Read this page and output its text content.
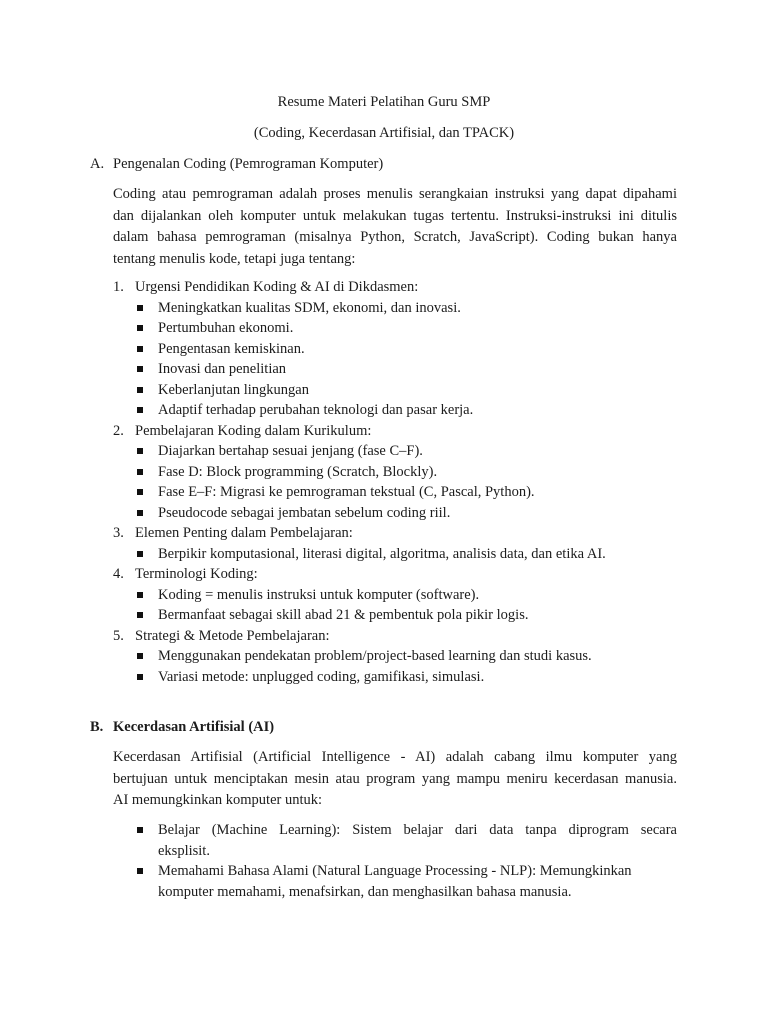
Resume Materi Pelatihan Guru SMP
(Coding, Kecerdasan Artifisial, dan TPACK)
A. Pengenalan Coding (Pemrograman Komputer)
Coding atau pemrograman adalah proses menulis serangkaian instruksi yang dapat dipahami
dan dijalankan oleh komputer untuk melakukan tugas tertentu. Instruksi-instruksi ini ditulis
dalam bahasa pemrograman (misalnya Python, Scratch, JavaScript). Coding bukan hanya
tentang menulis kode, tetapi juga tentang:
1. Urgensi Pendidikan Koding & AI di Dikdasmen:
Meningkatkan kualitas SDM, ekonomi, dan inovasi.
Pertumbuhan ekonomi.
Pengentasan kemiskinan.
Inovasi dan penelitian
Keberlanjutan lingkungan
Adaptif terhadap perubahan teknologi dan pasar kerja.
2. Pembelajaran Koding dalam Kurikulum:
Diajarkan bertahap sesuai jenjang (fase C–F).
Fase D: Block programming (Scratch, Blockly).
Fase E–F: Migrasi ke pemrograman tekstual (C, Pascal, Python).
Pseudocode sebagai jembatan sebelum coding riil.
3. Elemen Penting dalam Pembelajaran:
Berpikir komputasional, literasi digital, algoritma, analisis data, dan etika AI.
4. Terminologi Koding:
Koding = menulis instruksi untuk komputer (software).
Bermanfaat sebagai skill abad 21 & pembentuk pola pikir logis.
5. Strategi & Metode Pembelajaran:
Menggunakan pendekatan problem/project-based learning dan studi kasus.
Variasi metode: unplugged coding, gamifikasi, simulasi.
B. Kecerdasan Artifisial (AI)
Kecerdasan Artifisial (Artificial Intelligence - AI) adalah cabang ilmu komputer yang
bertujuan untuk menciptakan mesin atau program yang mampu meniru kecerdasan manusia.
AI memungkinkan komputer untuk:
Belajar (Machine Learning): Sistem belajar dari data tanpa diprogram secara
eksplisit.
Memahami Bahasa Alami (Natural Language Processing - NLP): Memungkinkan
komputer memahami, menafsirkan, dan menghasilkan bahasa manusia.
